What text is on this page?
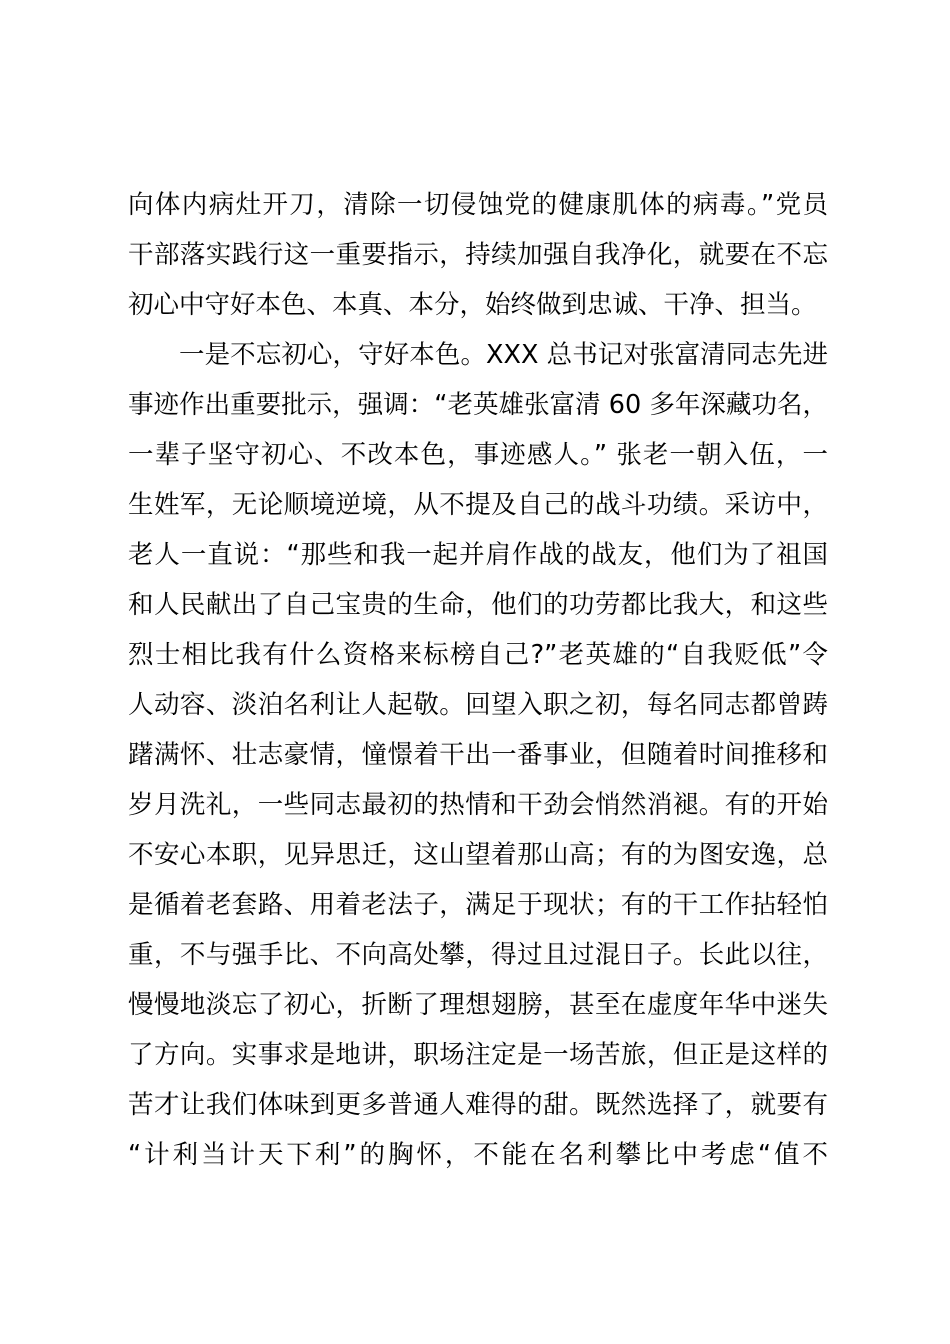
向体内病灶开刀，清除一切侵蚀党的健康肌体的病毒。”党员
干部落实践行这一重要指示，持续加强自我净化，就要在不忘
初心中守好本色、本真、本分，始终做到忠诚、干净、担当。
一是不忘初心，守好本色。XXX 总书记对张富清同志先进
事迹作出重要批示，强调：“老英雄张富清 60 多年深藏功名，
一辈子坚守初心、不改本色，事迹感人。” 张老一朝入伍，一
生姓军，无论顺境逆境，从不提及自己的战斗功绩。采访中，
老人一直说：“那些和我一起并肩作战的战友，他们为了祖国
和人民献出了自己宝贵的生命，他们的功劳都比我大，和这些
烈士相比我有什么资格来标榜自己?”老英雄的“自我贬低”令
人动容、淡泊名利让人起敬。回望入职之初，每名同志都曾踌
躇满怀、壮志豪情，憧憬着干出一番事业，但随着时间推移和
岁月洗礼，一些同志最初的热情和干劲会悄然消褪。有的开始
不安心本职，见异思迁，这山望着那山高；有的为图安逸，总
是循着老套路、用着老法子，满足于现状；有的干工作拈轻怕
重，不与强手比、不向高处攀，得过且过混日子。长此以往，
慢慢地淡忘了初心，折断了理想翅膀，甚至在虚度年华中迷失
了方向。实事求是地讲，职场注定是一场苦旅，但正是这样的
苦才让我们体味到更多普通人难得的甜。既然选择了，就要有
“计利当计天下利”的胸怀，不能在名利攀比中考虑“值不
